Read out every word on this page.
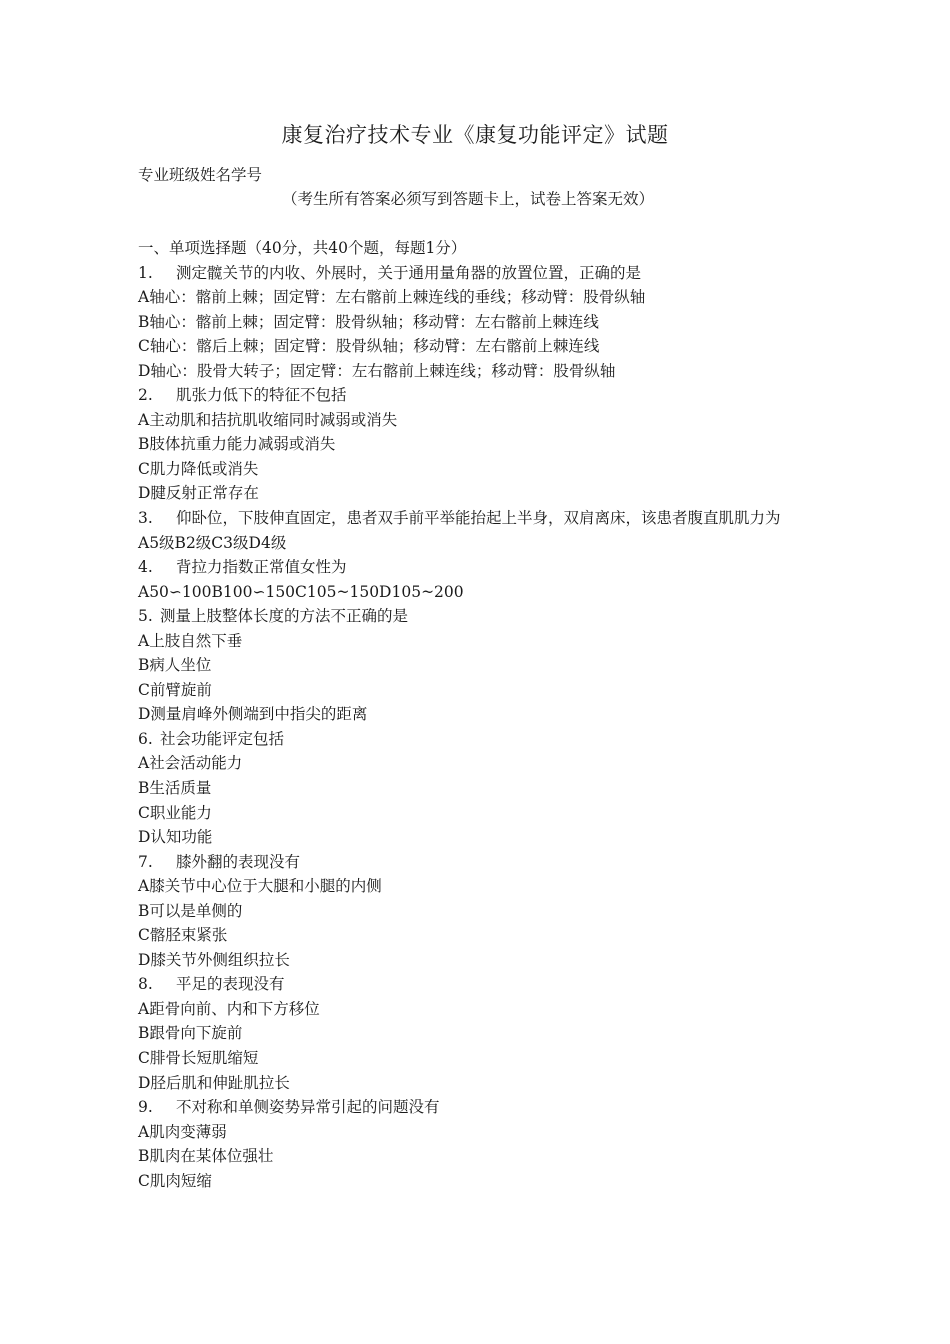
康复治疗技术专业《康复功能评定》试题
专业班级姓名学号
（考生所有答案必须写到答题卡上，试卷上答案无效）
一、单项选择题（40分，共40个题，每题1分）
1. 测定髋关节的内收、外展时，关于通用量角器的放置位置，正确的是
A轴心：髂前上棘；固定臂：左右髂前上棘连线的垂线；移动臂：股骨纵轴
B轴心：髂前上棘；固定臂：股骨纵轴；移动臂：左右髂前上棘连线
C轴心：髂后上棘；固定臂：股骨纵轴；移动臂：左右髂前上棘连线
D轴心：股骨大转子；固定臂：左右髂前上棘连线；移动臂：股骨纵轴
2. 肌张力低下的特征不包括
A主动肌和拮抗肌收缩同时减弱或消失
B肢体抗重力能力减弱或消失
C肌力降低或消失
D腱反射正常存在
3. 仰卧位，下肢伸直固定，患者双手前平举能抬起上半身，双肩离床，该患者腹直肌肌力为
A5级B2级C3级D4级
4. 背拉力指数正常值女性为
A50∽100B100∽150C105~150D105~200
5. 测量上肢整体长度的方法不正确的是
A上肢自然下垂
B病人坐位
C前臂旋前
D测量肩峰外侧端到中指尖的距离
6. 社会功能评定包括
A社会活动能力
B生活质量
C职业能力
D认知功能
7. 膝外翻的表现没有
A膝关节中心位于大腿和小腿的内侧
B可以是单侧的
C髂胫束紧张
D膝关节外侧组织拉长
8. 平足的表现没有
A距骨向前、内和下方移位
B跟骨向下旋前
C腓骨长短肌缩短
D胫后肌和伸趾肌拉长
9. 不对称和单侧姿势异常引起的问题没有
A肌肉变薄弱
B肌肉在某体位强壮
C肌肉短缩
